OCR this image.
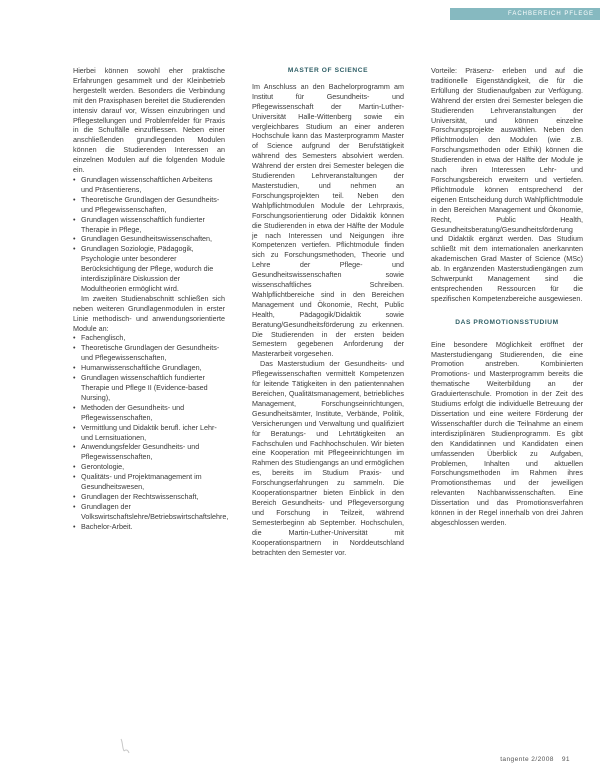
FACHBEREICH PFLEGE

Hierbei können sowohl eher praktische Erfahrungen gesammelt und der Kleinbetrieb hergestellt werden. Besonders die Verbindung mit den Praxisphasen bereitet die Studierenden intensiv darauf vor, Wissen einzubringen und Pflegestellungen und Problemfelder für Praxis in die Schulfälle einzufliessen. Neben einer anschließenden grundlegenden Modulen können die Studierenden Interessen an einzelnen Modulen auf die folgenden Module ein.

• Grundlagen wissenschaftlichen Arbeitens und Präsentierens,
• Theoretische Grundlagen der Gesundheits- und Pflegewissenschaften,
• Grundlagen wissenschaftlich fundierter Therapie in Pflege,
• Grundlagen Gesundheitswissenschaften,
• Grundlagen Soziologie, Pädagogik, Psychologie unter besonderer Berücksichtigung der Pflege, wodurch die interdisziplinäre Diskussion der Modultheorien ermöglicht wird.

Im zweiten Studienabschnitt schließen sich neben weiteren Grundlagenmodulen in erster Linie methodisch- und anwendungsorientierte Module an:

• Fachenglisch,
• Theoretische Grundlagen der Gesundheits- und Pflegewissenschaften,
• Humanwissenschaftliche Grundlagen,
• Grundlagen wissenschaftlich fundierter Therapie und Pflege II (Evidence-based Nursing),
• Methoden der Gesundheits- und Pflegewissenschaften,
• Vermittlung und Didaktik berufl. icher Lehr- und Lernsituationen,
• Anwendungsfelder Gesundheits- und Pflegewissenschaften,
• Gerontologie,
• Qualitäts- und Projektmanagement im Gesundheitswesen,
• Grundlagen der Rechtswissenschaft,
• Grundlagen der Volkswirtschaftslehre/Betriebswirtschaftslehre,
• Bachelor-Arbeit.
MASTER OF SCIENCE

Im Anschluss an den Bachelorprogramm am Institut für Gesundheits- und Pflegewissenschaft der Martin-Luther-Universität Halle-Wittenberg sowie ein vergleichbares Studium an einer anderen Hochschule kann das Masterprogramm Master of Science aufgrund der Berufstätigkeit während des Semesters absolviert werden. Während der ersten drei Semester belegen die Studierenden Lehrveranstaltungen der Masterstudien, und nehmen an Forschungsprojekten teil. Neben den Wahlpflichtmodulen Module der Lehrpraxis, Forschungsorientierung oder Didaktik können die Studierenden in etwa der Hälfte der Module je nach Interessen und Neigungen ihre Kompetenzen vertiefen. Pflichtmodule finden sich zu Forschungsmethoden, Theorie und Lehre der Pflege- und Gesundheitswissenschaften sowie wissenschaftliches Schreiben. Wahlpflichtbereiche sind in den Bereichen Management und Ökonomie, Recht, Public Health, Pädagogik/Didaktik sowie Beratung/Gesundheitsförderung zu erkennen. Die Studierenden in der ersten beiden Semestern gegebenen Anforderung der Masterarbeit vorgesehen.

Das Masterstudium der Gesundheits- und Pflegewissenschaften vermittelt Kompetenzen für leitende Tätigkeiten in den patientennahen Bereichen, Qualitätsmanagement, betriebliches Management, Forschungseinrichtungen, Gesundheitsämter, Institute, Verbände, Politik, Versicherungen und Verwaltung und qualifiziert für Beratungs- und Lehrtätigkeiten an Fachschulen und Fachhochschulen. Wir bieten eine Kooperation mit Pflegeeinrichtungen im Rahmen des Studiengangs an und ermöglichen es, bereits im Studium Praxis- und Forschungserfahrungen zu sammeln. Die Kooperationspartner bieten Einblick in den Bereich Gesundheits- und Pflegeversorgung und Forschung in Teilzeit, während Semesterbeginn ab September. Hochschulen, die Martin-Luther-Universität mit Kooperationspartnern in Norddeutschland betrachten den Semester vor.

Vorteile: Präsenz- erleben und auf die traditionelle Eigenständigkeit, die für die Erfüllung der Studienaufgaben zur Verfügung. Während der ersten drei Semester belegen die Studierenden Lehrveranstaltungen der Universität, und können einzelne Forschungsprojekte auswählen. Neben den Pflichtmodulen den Modulen (wie z.B. Forschungsmethoden oder Ethik) können die Studierenden in etwa der Hälfte der Module je nach ihren Interessen Lehr- und Forschungsbereich erweitern und vertiefen. Pflichtmodule können entsprechend der eigenen Entscheidung durch Wahlpflichtmodule in den Bereichen Management und Ökonomie, Recht, Public Health, Gesundheitsberatung/Gesundheitsförderung und Didaktik ergänzt werden. Das Studium schließt mit dem internationalen anerkannten akademischen Grad Master of Science (MSc) ab. In ergänzenden Masterstudiengängen zum Schwerpunkt Management sind die entsprechenden Ressourcen für die spezifischen Kompetenzbereiche ausgewiesen.

DAS PROMOTIONSSTUDIUM

Eine besondere Möglichkeit eröffnet der Masterstudiengang Studierenden, die eine Promotion anstreben. Kombinierten Promotions- und Masterprogramm bereits die thematische Weiterbildung an der Graduiertenschule. Promotion in der Zeit des Studiums erfolgt die individuelle Betreuung der Dissertation und eine weitere Förderung der Wissenschaftler durch die Teilnahme an einem interdisziplinären Studienprogramm. Es gibt den Kandidatinnen und Kandidaten einen umfassenden Überblick zu Aufgaben, Problemen, Inhalten und aktuellen Forschungsmethoden im Rahmen ihres Promotionsthemas und der jeweiligen relevanten Nachbarwissenschaften. Eine Dissertation und das Promotionsverfahren können in der Regel innerhalb von drei Jahren abgeschlossen werden.

tangente 2/2008 91
